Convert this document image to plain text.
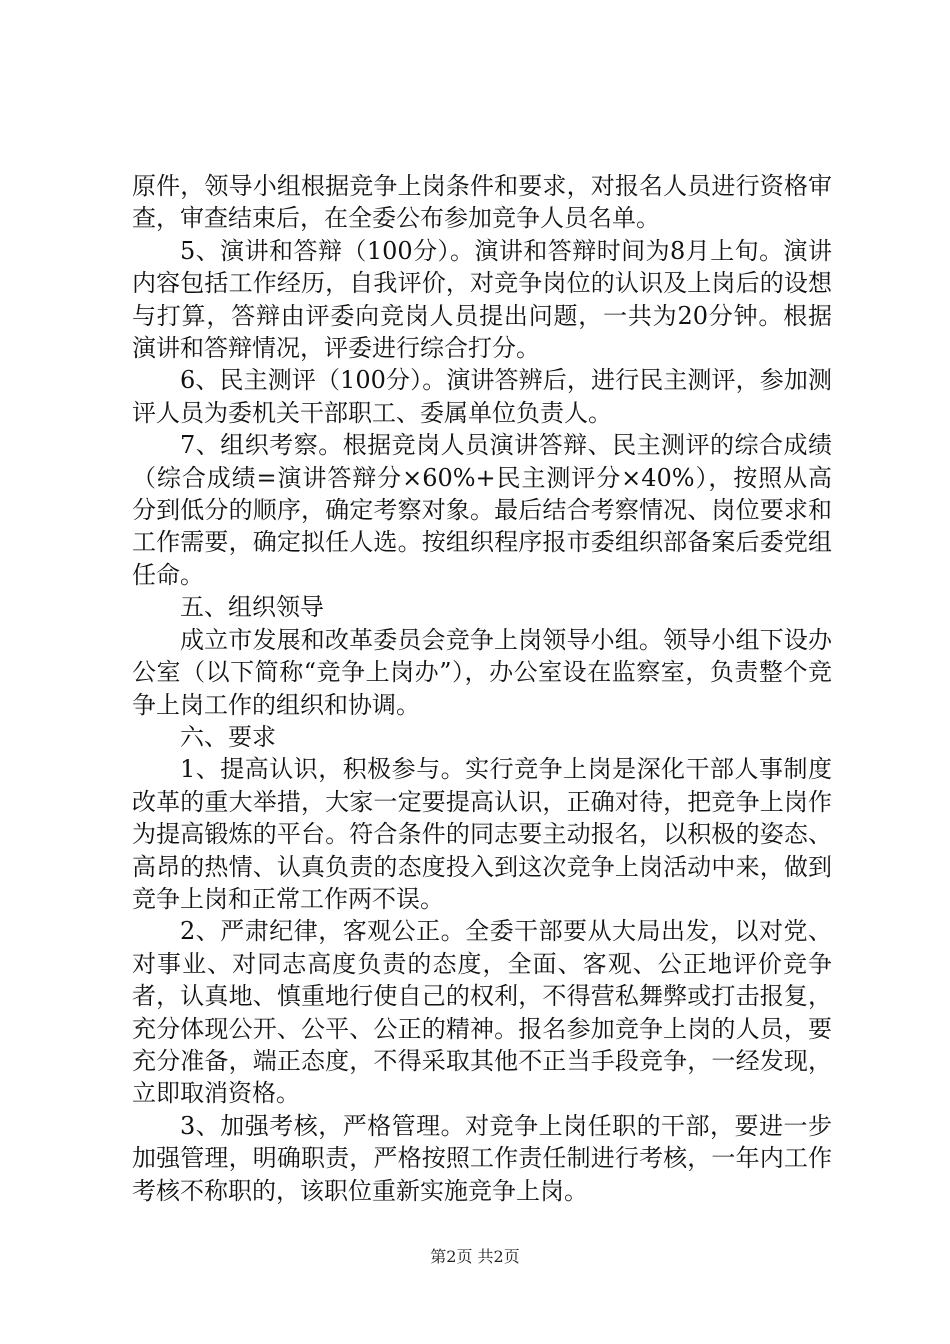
原件，领导小组根据竞争上岗条件和要求，对报名人员进行资格审查，审查结束后，在全委公布参加竞争人员名单。

5、演讲和答辩（100分）。演讲和答辩时间为8月上旬。演讲内容包括工作经历，自我评价，对竞争岗位的认识及上岗后的设想与打算，答辩由评委向竞岗人员提出问题，一共为20分钟。根据演讲和答辩情况，评委进行综合打分。

6、民主测评（100分）。演讲答辨后，进行民主测评，参加测评人员为委机关干部职工、委属单位负责人。

7、组织考察。根据竞岗人员演讲答辩、民主测评的综合成绩（综合成绩=演讲答辩分×60%+民主测评分×40%），按照从高分到低分的顺序，确定考察对象。最后结合考察情况、岗位要求和工作需要，确定拟任人选。按组织程序报市委组织部备案后委党组任命。

五、组织领导

成立市发展和改革委员会竞争上岗领导小组。领导小组下设办公室（以下简称“竞争上岗办”），办公室设在监察室，负责整个竞争上岗工作的组织和协调。

六、要求

1、提高认识，积极参与。实行竞争上岗是深化干部人事制度改革的重大举措，大家一定要提高认识，正确对待，把竞争上岗作为提高锻炼的平台。符合条件的同志要主动报名，以积极的姿态、高昂的热情、认真负责的态度投入到这次竞争上岗活动中来，做到竞争上岗和正常工作两不误。

2、严肃纪律，客观公正。全委干部要从大局出发，以对党、对事业、对同志高度负责的态度，全面、客观、公正地评价竞争者，认真地、慎重地行使自己的权利，不得营私舞弊或打击报复，充分体现公开、公平、公正的精神。报名参加竞争上岗的人员，要充分准备，端正态度，不得采取其他不正当手段竞争，一经发现，立即取消资格。

3、加强考核，严格管理。对竞争上岗任职的干部，要进一步加强管理，明确职责，严格按照工作责任制进行考核，一年内工作考核不称职的，该职位重新实施竞争上岗。

第2页 共2页
